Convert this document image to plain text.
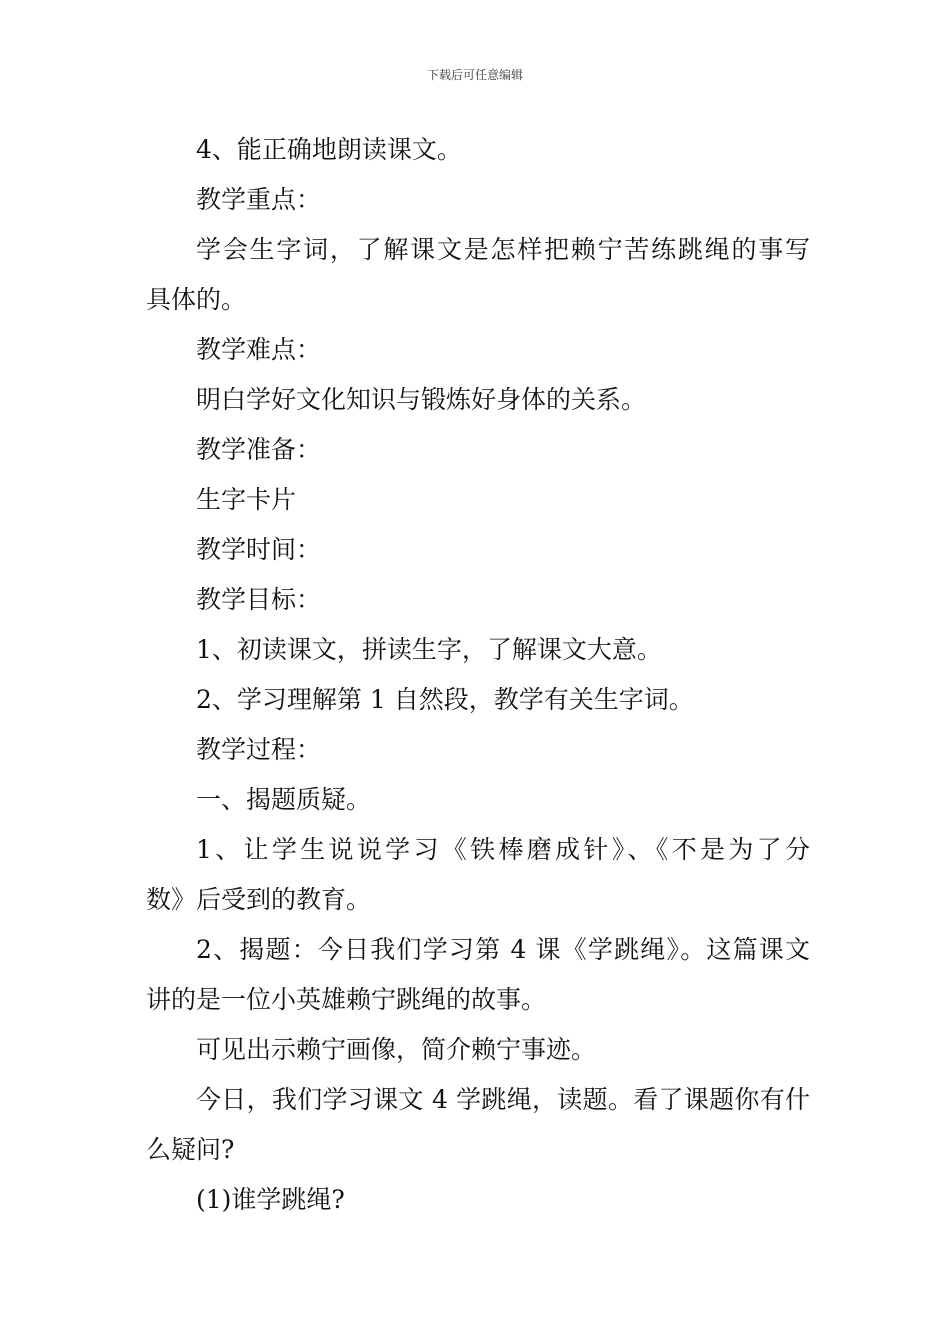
下载后可任意编辑
4、能正确地朗读课文。
教学重点：
学会生字词，了解课文是怎样把赖宁苦练跳绳的事写
具体的。
教学难点：
明白学好文化知识与锻炼好身体的关系。
教学准备：
生字卡片
教学时间：
教学目标：
1、初读课文，拼读生字，了解课文大意。
2、学习理解第 1 自然段，教学有关生字词。
教学过程：
一、揭题质疑。
1、让学生说说学习《铁棒磨成针》、《不是为了分
数》后受到的教育。
2、揭题：今日我们学习第 4 课《学跳绳》。这篇课文
讲的是一位小英雄赖宁跳绳的故事。
可见出示赖宁画像，简介赖宁事迹。
今日，我们学习课文 4 学跳绳，读题。看了课题你有什
么疑问?
(1)谁学跳绳?
